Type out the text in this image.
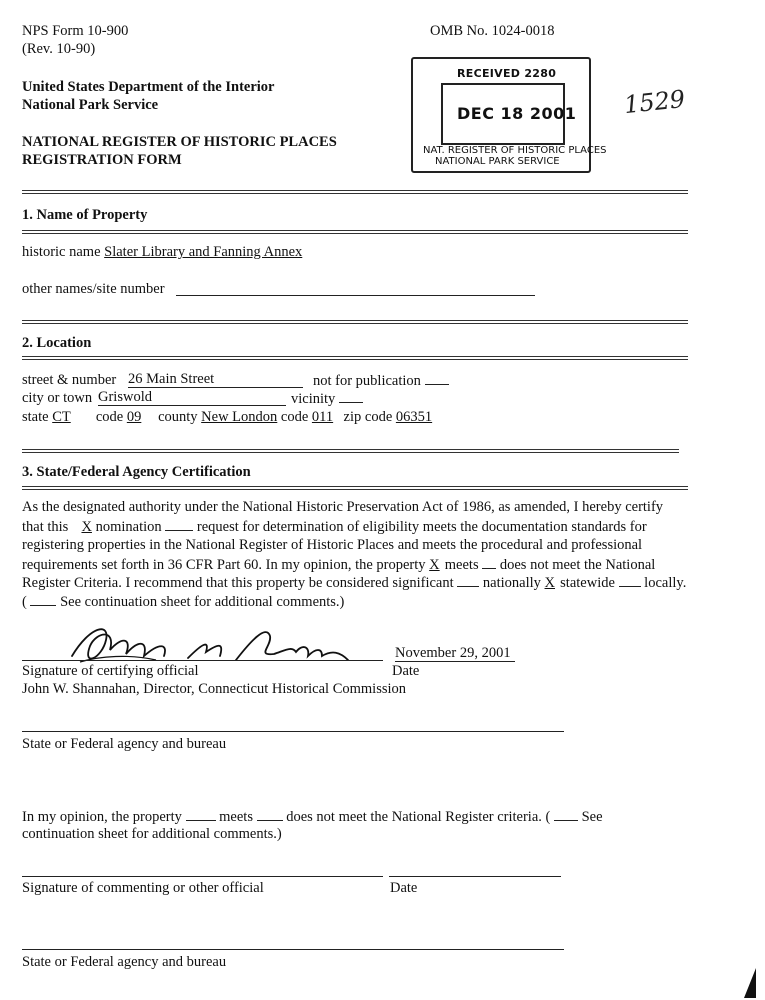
NPS Form 10-900
(Rev. 10-90)
OMB No. 1024-0018
United States Department of the Interior
National Park Service
NATIONAL REGISTER OF HISTORIC PLACES
REGISTRATION FORM
RECEIVED 2280
DEC 18 2001
NAT. REGISTER OF HISTORIC PLACES
NATIONAL PARK SERVICE
1529
1. Name of Property
historic name Slater Library and Fanning Annex
other names/site number
2. Location
street & number 26 Main Street	not for publication
city or town Griswold	vicinity
state CT code 09 county New London code 011 zip code 06351
3. State/Federal Agency Certification
As the designated authority under the National Historic Preservation Act of 1986, as amended, I hereby certify
that this X nomination request for determination of eligibility meets the documentation standards for
registering properties in the National Register of Historic Places and meets the procedural and professional
requirements set forth in 36 CFR Part 60. In my opinion, the property X meets does not meet the National
Register Criteria. I recommend that this property be considered significant nationally X statewide locally.
( See continuation sheet for additional comments.)
November 29, 2001
Signature of certifying official	Date
John W. Shannahan, Director, Connecticut Historical Commission
State or Federal agency and bureau
In my opinion, the property	meets does not meet the National Register criteria. ( See
continuation sheet for additional comments.)
Signature of commenting or other official	Date
State or Federal agency and bureau
